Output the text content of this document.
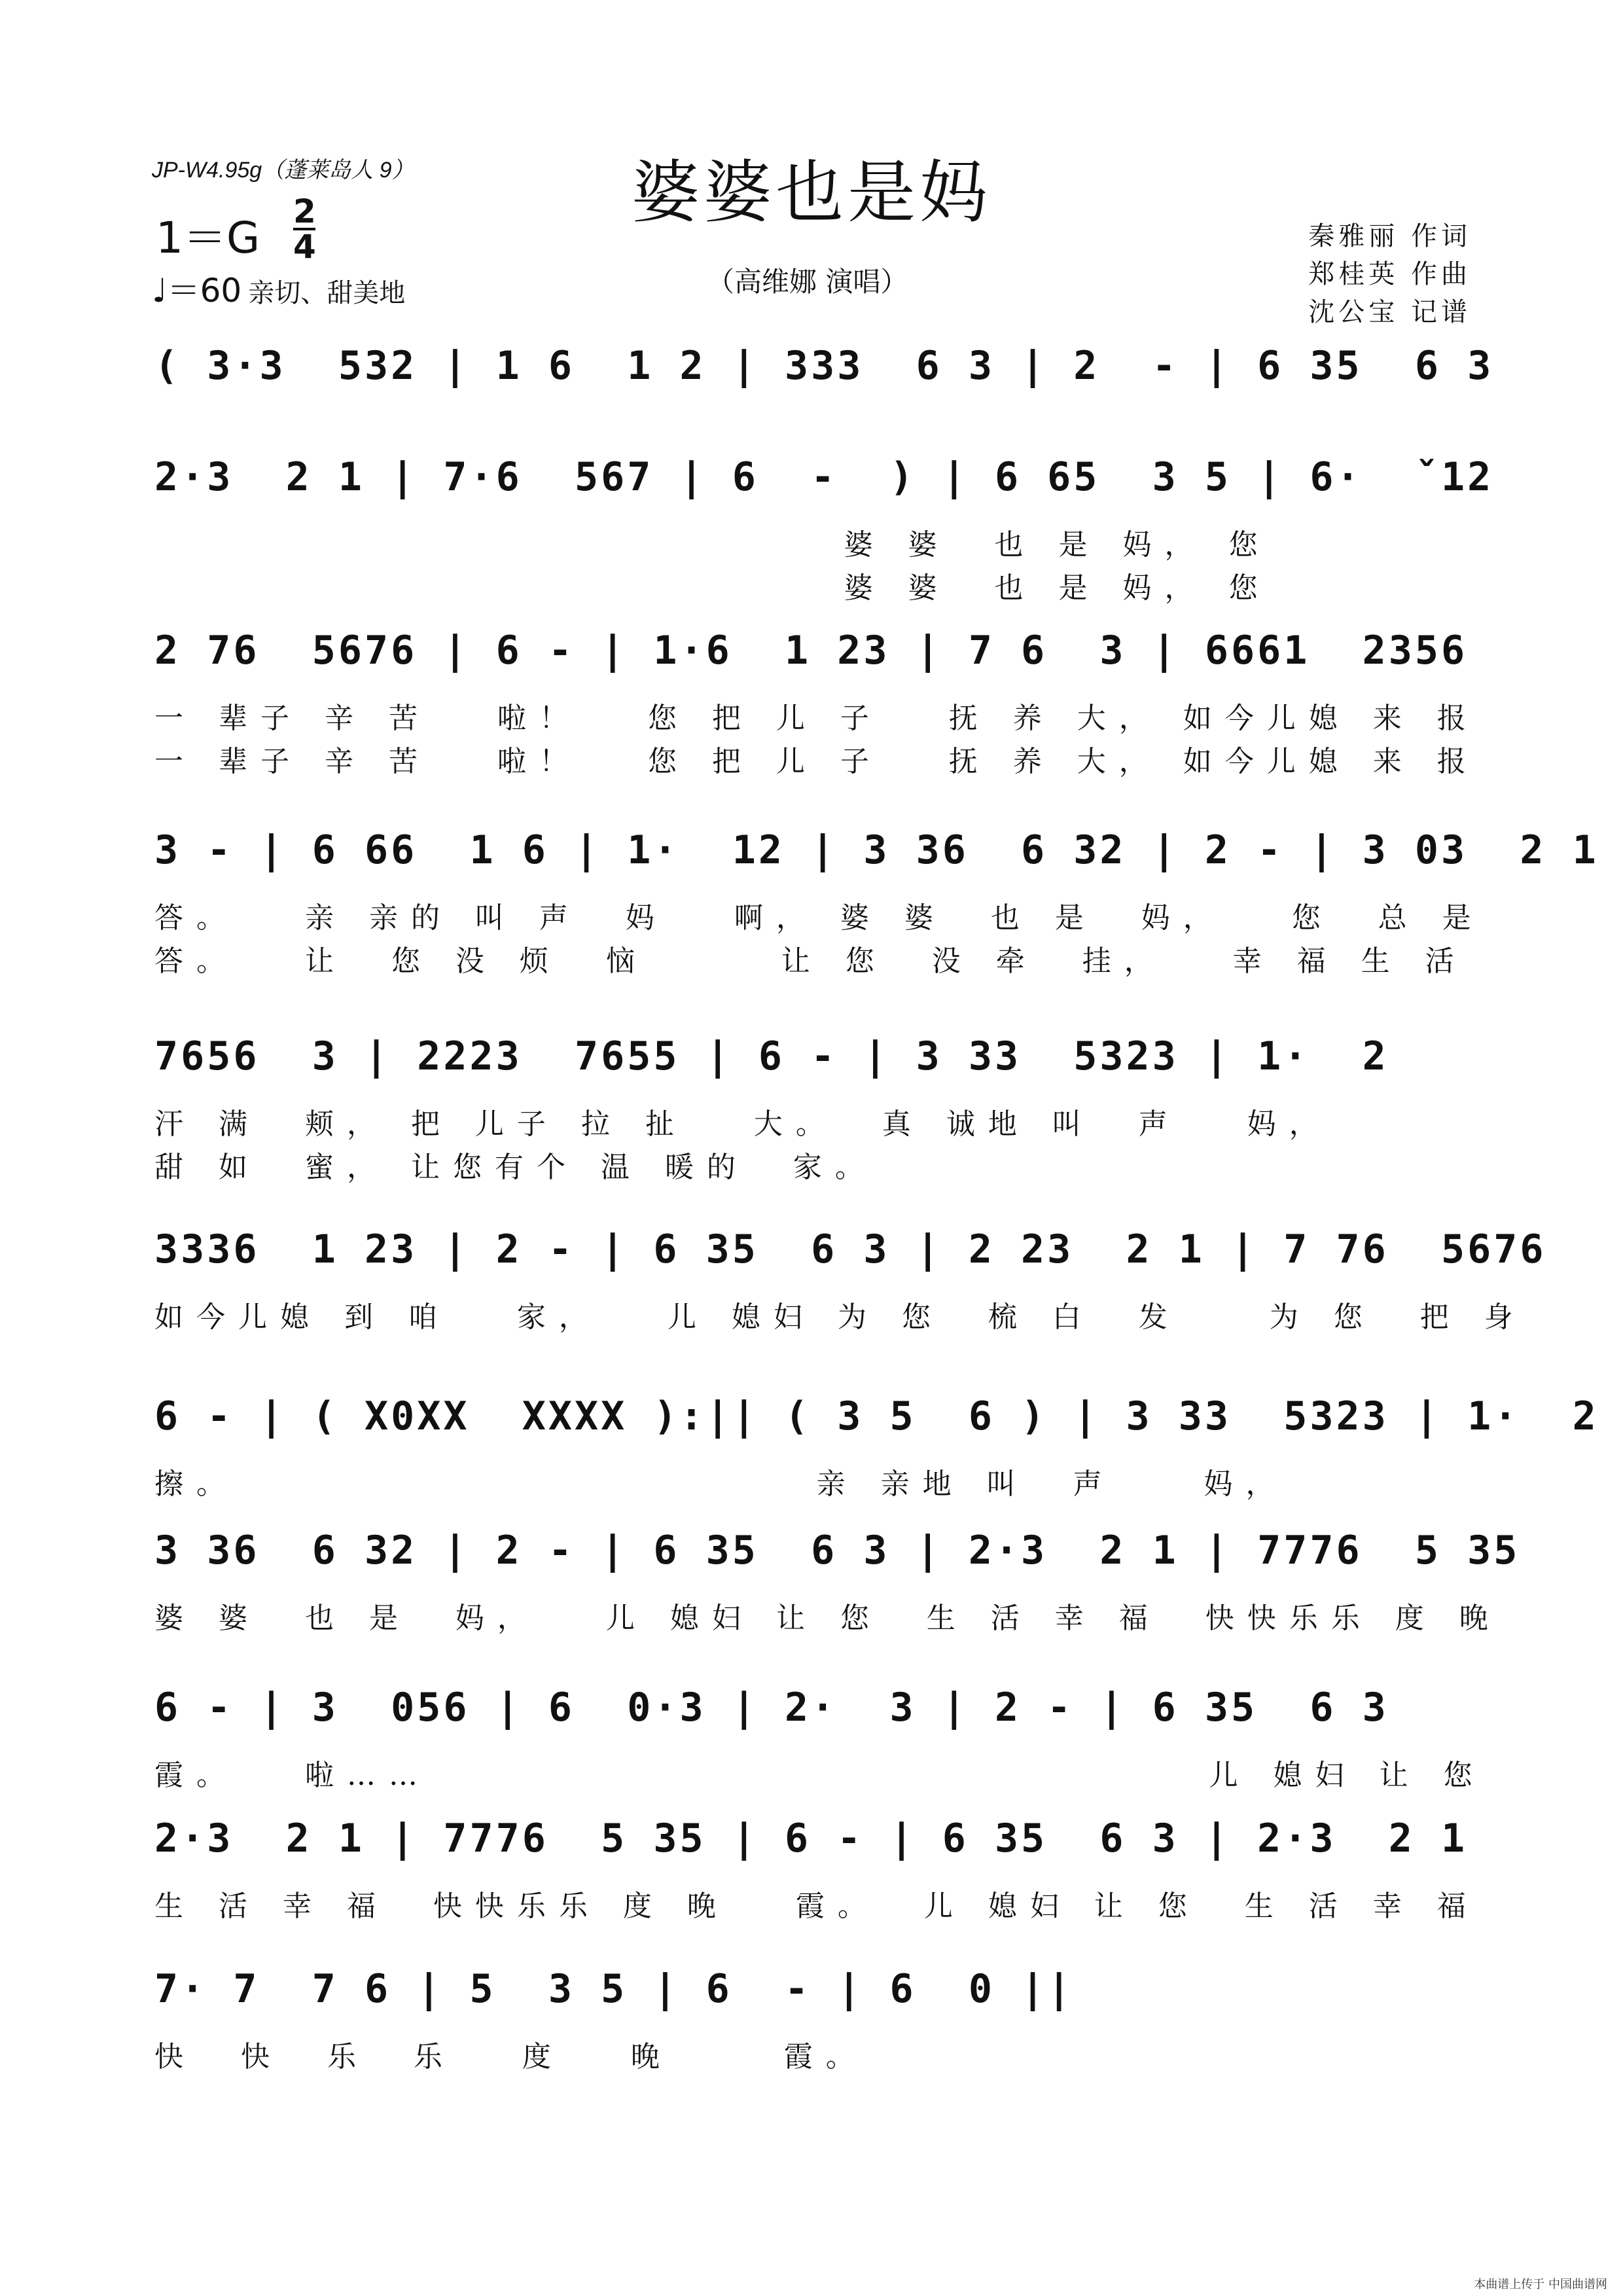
JP-W4.95g（蓬莱岛人 9）	婆婆也是妈
1＝G
2
4
♩＝60 亲切、甜美地	（高维娜 演唱）
秦雅丽 作词
郑桂英 作曲
沈公宝 记谱
( 3·3  532 | 1 6  1 2 | 333  6 3 | 2  - | 6 35  6 3
2·3  2 1 | 7·6  567 | 6  -  ) | 6 65  3 5 | 6·  ˇ12
婆 婆  也 是 妈， 您
婆 婆  也 是 妈， 您
2 76  5676 | 6 - | 1·6  1 23 | 7 6  3 | 6661  2356
一 辈子 辛 苦   啦！   您 把 儿 子   抚 养 大， 如今儿媳 来 报
一 辈子 辛 苦   啦！   您 把 儿 子   抚 养 大， 如今儿媳 来 报
3 - | 6 66  1 6 | 1·  12 | 3 36  6 32 | 2 - | 3 03  2 1
答。   亲 亲的 叫 声  妈   啊， 婆 婆  也 是  妈，   您  总 是
答。   让  您 没 烦  恼      让 您  没 牵  挂，   幸 福 生 活
7656  3 | 2223  7655 | 6 - | 3 33  5323 | 1·  2
汗 满  颊， 把 儿子 拉 扯   大。  真 诚地 叫  声   妈，
甜 如  蜜， 让您有个 温 暖的  家。
3336  1 23 | 2 - | 6 35  6 3 | 2 23  2 1 | 7 76  5676
如今儿媳 到 咱   家，   儿 媳妇 为 您  梳 白  发    为 您  把 身
6 - | ( X0XX  XXXX ):|| ( 3 5  6 ) | 3 33  5323 | 1·  2
擦。                          亲 亲地 叫  声    妈，
3 36  6 32 | 2 - | 6 35  6 3 | 2·3  2 1 | 7776  5 35
婆 婆  也 是  妈，   儿 媳妇 让 您  生 活 幸 福  快快乐乐 度 晚
6 - | 3  056 | 6  0·3 | 2·  3 | 2 - | 6 35  6 3
霞。   啦……                                   儿 媳妇 让 您
2·3  2 1 | 7776  5 35 | 6 - | 6 35  6 3 | 2·3  2 1
生 活 幸 福  快快乐乐 度 晚   霞。  儿 媳妇 让 您  生 活 幸 福
7· 7  7 6 | 5  3 5 | 6  - | 6  0 ||
快  快  乐  乐   度   晚     霞。
本曲谱上传于 中国曲谱网
